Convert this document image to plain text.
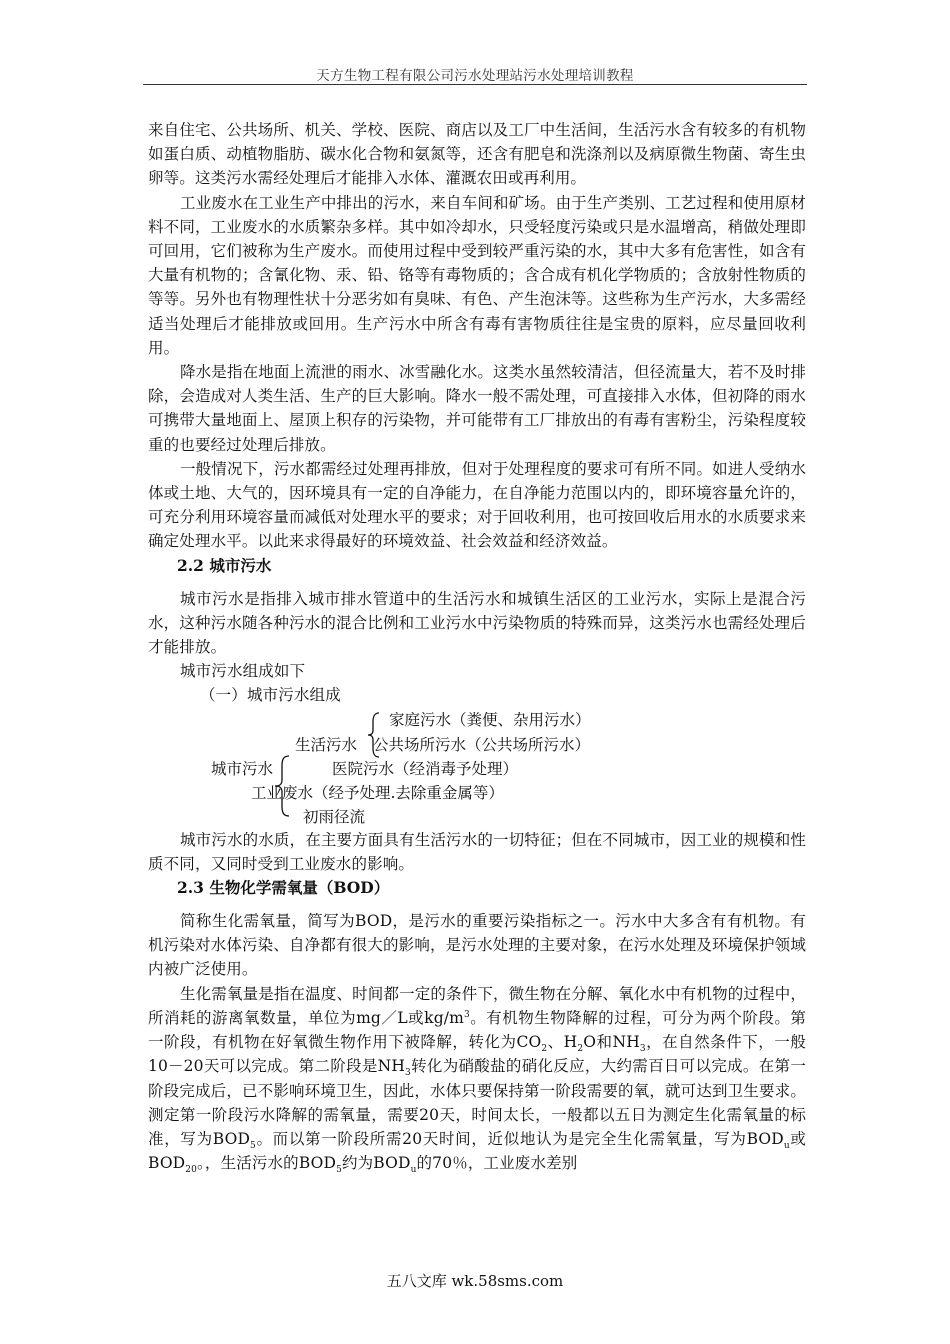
天方生物工程有限公司污水处理站污水处理培训教程

来自住宅、公共场所、机关、学校、医院、商店以及工厂中生活间，生活污水含有较多的有机物如蛋白质、动植物脂肪、碳水化合物和氨氮等，还含有肥皂和洗涤剂以及病原微生物菌、寄生虫卵等。这类污水需经处理后才能排入水体、灌溉农田或再利用。

工业废水在工业生产中排出的污水，来自车间和矿场。由于生产类别、工艺过程和使用原材料不同，工业废水的水质繁杂多样。其中如冷却水，只受轻度污染或只是水温增高，稍做处理即可回用，它们被称为生产废水。而使用过程中受到较严重污染的水，其中大多有危害性，如含有大量有机物的；含氰化物、汞、铅、铬等有毒物质的；含合成有机化学物质的；含放射性物质的等等。另外也有物理性状十分恶劣如有臭味、有色、产生泡沫等。这些称为生产污水，大多需经适当处理后才能排放或回用。生产污水中所含有毒有害物质往往是宝贵的原料，应尽量回收利用。

降水是指在地面上流泄的雨水、冰雪融化水。这类水虽然较清洁，但径流量大，若不及时排除，会造成对人类生活、生产的巨大影响。降水一般不需处理，可直接排入水体，但初降的雨水可携带大量地面上、屋顶上积存的污染物，并可能带有工厂排放出的有毒有害粉尘，污染程度较重的也要经过处理后排放。

一般情况下，污水都需经过处理再排放，但对于处理程度的要求可有所不同。如进人受纳水体或土地、大气的，因环境具有一定的自净能力，在自净能力范围以内的，即环境容量允许的，可充分利用环境容量而减低对处理水平的要求；对于回收利用，也可按回收后用水的水质要求来确定处理水平。以此来求得最好的环境效益、社会效益和经济效益。

2.2 城市污水

城市污水是指排入城市排水管道中的生活污水和城镇生活区的工业污水，实际上是混合污水，这种污水随各种污水的混合比例和工业污水中污染物质的特殊而异，这类污水也需经处理后才能排放。

城市污水组成如下

（一）城市污水组成

家庭污水（粪便、杂用污水）
生活污水 公共场所污水（公共场所污水）
城市污水	医院污水（经消毒予处理）
工业废水（经予处理.去除重金属等）
初雨径流

城市污水的水质，在主要方面具有生活污水的一切特征；但在不同城市，因工业的规模和性质不同，又同时受到工业废水的影响。

2.3 生物化学需氧量（BOD）

简称生化需氧量，简写为BOD，是污水的重要污染指标之一。污水中大多含有有机物。有机污染对水体污染、自净都有很大的影响，是污水处理的主要对象，在污水处理及环境保护领域内被广泛使用。

生化需氧量是指在温度、时间都一定的条件下，微生物在分解、氧化水中有机物的过程中，所消耗的游离氧数量，单位为mg／L或$kg/m^3$。有机物生物降解的过程，可分为两个阶段。第一阶段，有机物在好氧微生物作用下被降解，转化为$CO_2$、$H_2O$和$NH_3$，在自然条件下，一般10－20天可以完成。第二阶段是$NH_3$转化为硝酸盐的硝化反应，大约需百日可以完成。在第一阶段完成后，已不影响环境卫生，因此，水体只要保持第一阶段需要的氧，就可达到卫生要求。测定第一阶段污水降解的需氧量，需要20天，时间太长，一般都以五日为测定生化需氧量的标准，写为$BOD_5$。而以第一阶段所需20天时间，近似地认为是完全生化需氧量，写为$BOD_u$或$BOD_{20}$。，生活污水的$BOD_5$约为$BOD_u$的70％，工业废水差别

五八文库 wk.58sms.com
